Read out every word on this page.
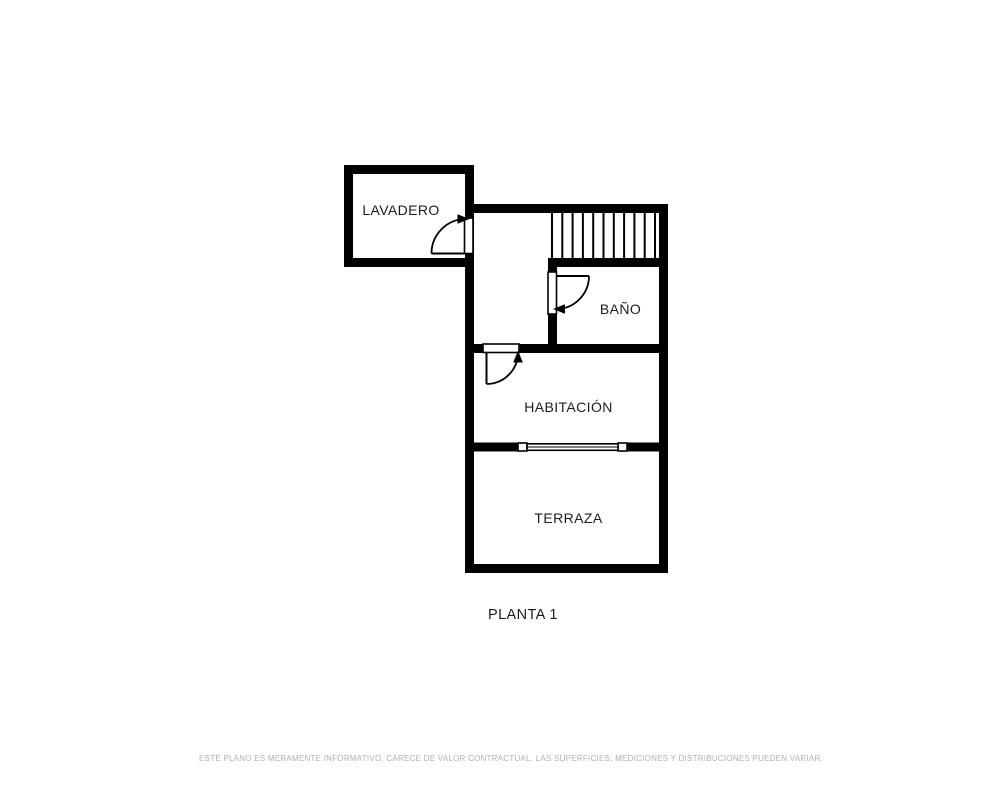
LAVADERO
BAÑO
HABITACIÓN
TERRAZA
PLANTA 1
ESTE PLANO ES MERAMENTE INFORMATIVO, CARECE DE VALOR CONTRACTUAL. LAS SUPERFICIES, MEDICIONES Y DISTRIBUCIONES PUEDEN VARIAR.
